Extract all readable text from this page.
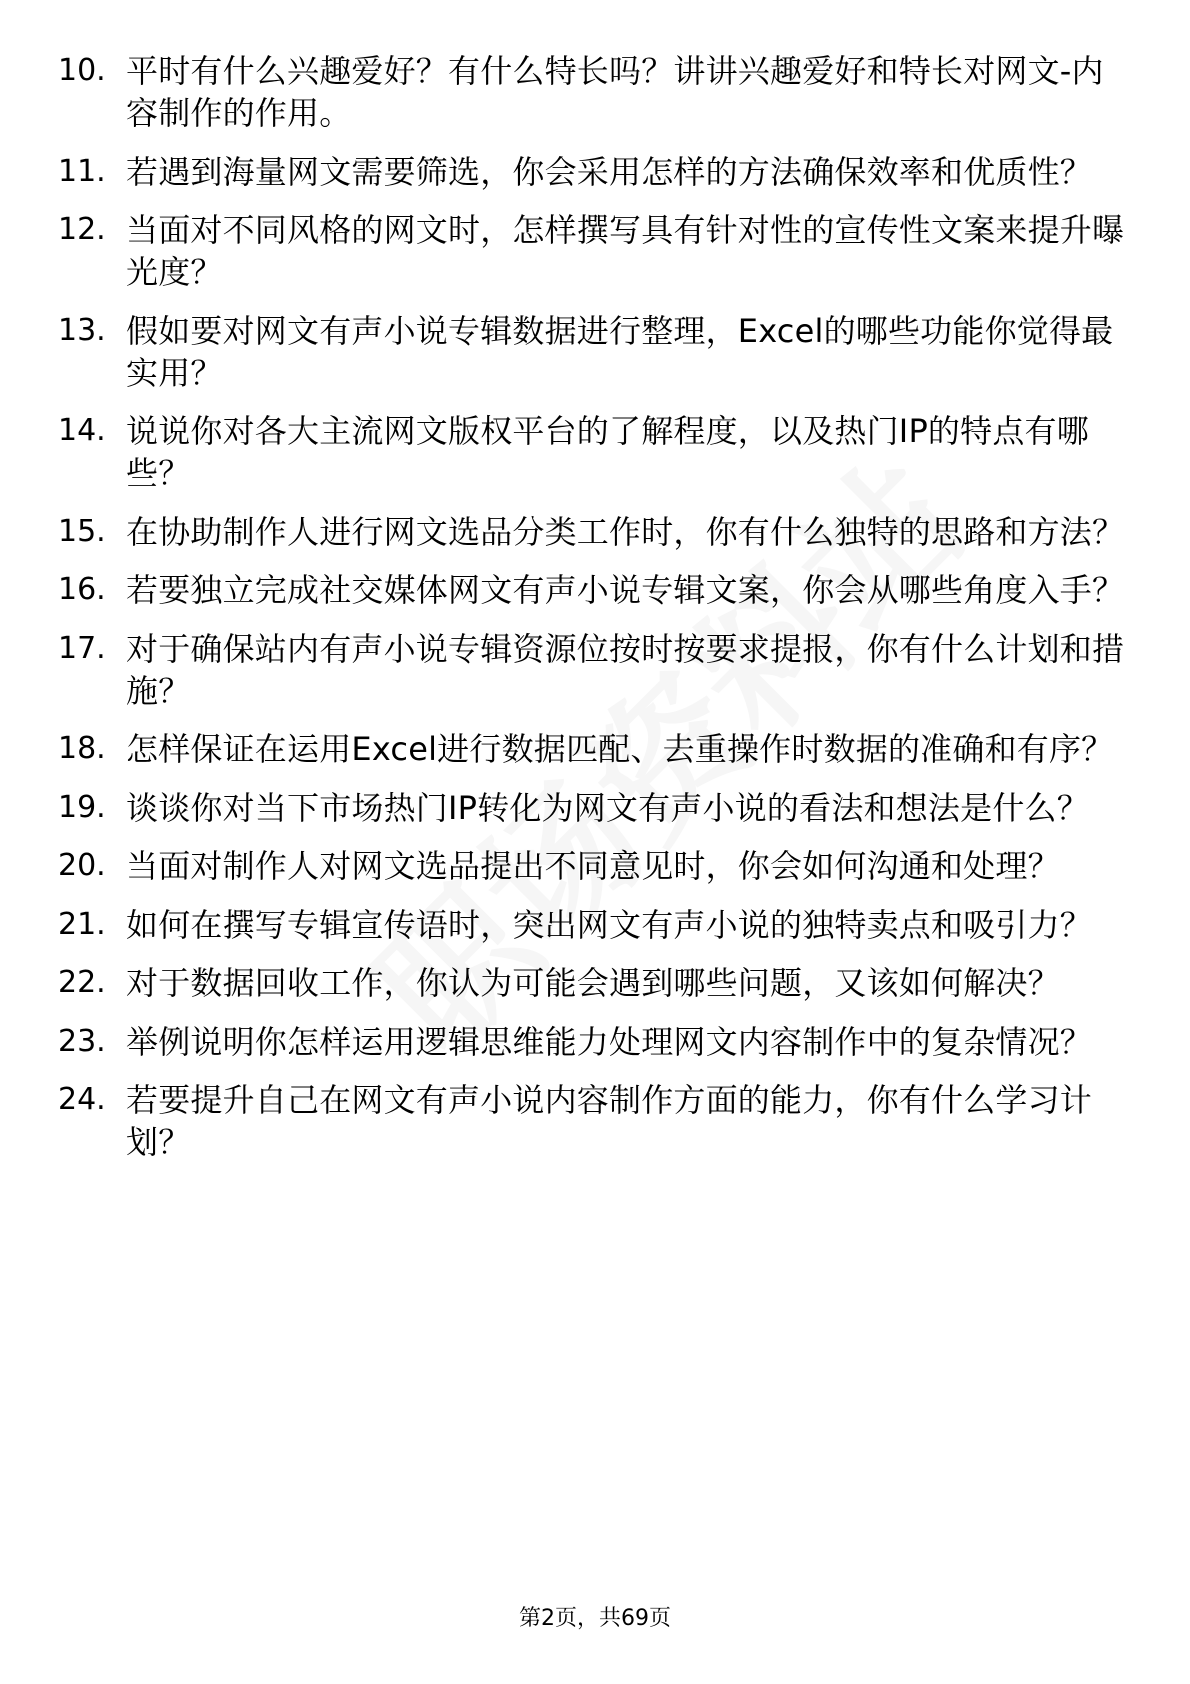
10. 平时有什么兴趣爱好？有什么特长吗？讲讲兴趣爱好和特长对网文-内容制作的作用。
11. 若遇到海量网文需要筛选，你会采用怎样的方法确保效率和优质性？
12. 当面对不同风格的网文时，怎样撰写具有针对性的宣传性文案来提升曝光度？
13. 假如要对网文有声小说专辑数据进行整理，Excel的哪些功能你觉得最实用？
14. 说说你对各大主流网文版权平台的了解程度，以及热门IP的特点有哪些？
15. 在协助制作人进行网文选品分类工作时，你有什么独特的思路和方法？
16. 若要独立完成社交媒体网文有声小说专辑文案，你会从哪些角度入手？
17. 对于确保站内有声小说专辑资源位按时按要求提报，你有什么计划和措施？
18. 怎样保证在运用Excel进行数据匹配、去重操作时数据的准确和有序？
19. 谈谈你对当下市场热门IP转化为网文有声小说的看法和想法是什么？
20. 当面对制作人对网文选品提出不同意见时，你会如何沟通和处理？
21. 如何在撰写专辑宣传语时，突出网文有声小说的独特卖点和吸引力？
22. 对于数据回收工作，你认为可能会遇到哪些问题，又该如何解决？
23. 举例说明你怎样运用逻辑思维能力处理网文内容制作中的复杂情况？
24. 若要提升自己在网文有声小说内容制作方面的能力，你有什么学习计划？
第2页，共69页
